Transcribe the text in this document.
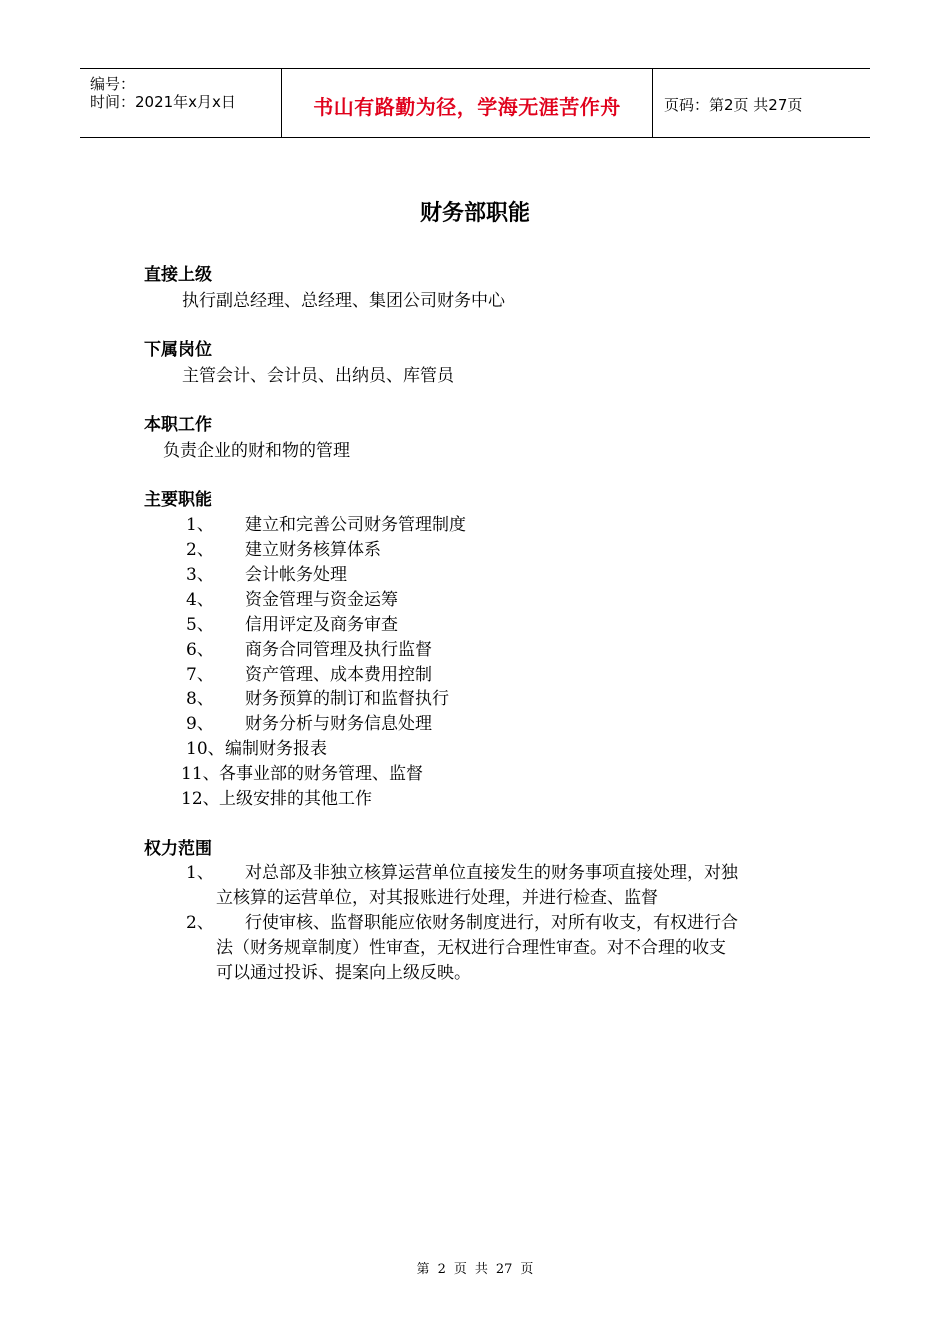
编号：
时间：2021年x月x日	书山有路勤为径，学海无涯苦作舟	页码：第2页 共27页
财务部职能
直接上级
执行副总经理、总经理、集团公司财务中心
下属岗位
主管会计、会计员、出纳员、库管员
本职工作
负责企业的财和物的管理
主要职能
1、 建立和完善公司财务管理制度
2、 建立财务核算体系
3、 会计帐务处理
4、 资金管理与资金运筹
5、 信用评定及商务审查
6、 商务合同管理及执行监督
7、 资产管理、成本费用控制
8、 财务预算的制订和监督执行
9、 财务分析与财务信息处理
10、 编制财务报表
11、 各事业部的财务管理、监督
12、 上级安排的其他工作
权力范围
1、 对总部及非独立核算运营单位直接发生的财务事项直接处理，对独
立核算的运营单位，对其报账进行处理，并进行检查、监督
2、 行使审核、监督职能应依财务制度进行，对所有收支，有权进行合
法（财务规章制度）性审查，无权进行合理性审查。对不合理的收支
可以通过投诉、提案向上级反映。
第 2 页 共 27 页
